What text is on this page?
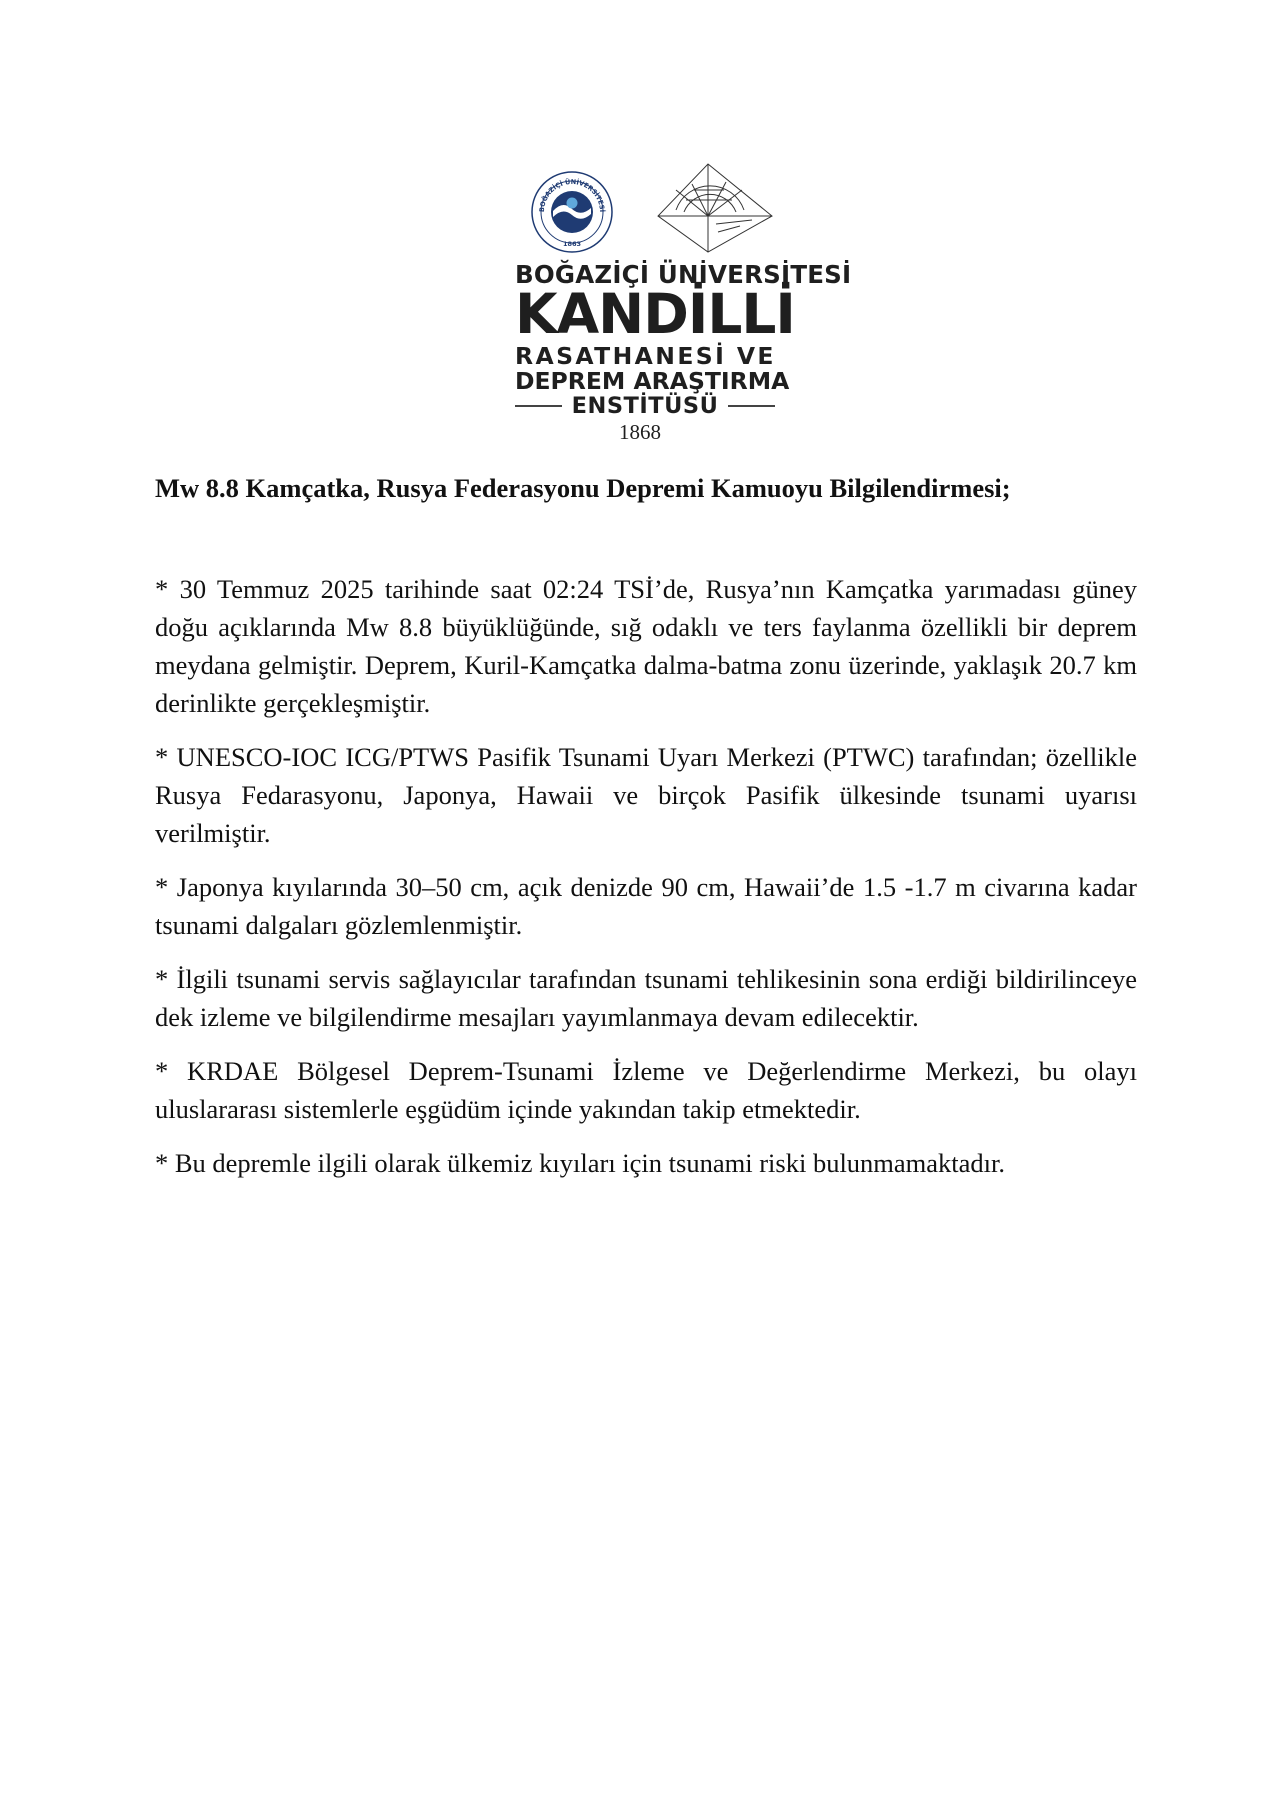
BOĞAZİÇİ ÜNİVERSİTESİ
1863
BOĞAZİÇİ ÜNİVERSİTESİ
KANDİLLİ
RASATHANESİ VE
DEPREM ARAŞTIRMA
ENSTİTÜSÜ
1868
Mw 8.8 Kamçatka, Rusya Federasyonu Depremi Kamuoyu Bilgilendirmesi;

* 30 Temmuz 2025 tarihinde saat 02:24 TSİ’de, Rusya’nın Kamçatka yarımadası güney doğu açıklarında Mw 8.8 büyüklüğünde, sığ odaklı ve ters faylanma özellikli bir deprem meydana gelmiştir. Deprem, Kuril-Kamçatka dalma-batma zonu üzerinde, yaklaşık 20.7 km derinlikte gerçekleşmiştir.

* UNESCO-IOC ICG/PTWS Pasifik Tsunami Uyarı Merkezi (PTWC) tarafından; özellikle Rusya Fedarasyonu, Japonya, Hawaii ve birçok Pasifik ülkesinde tsunami uyarısı verilmiştir.

* Japonya kıyılarında 30–50 cm, açık denizde 90 cm, Hawaii’de 1.5 -1.7 m civarına kadar tsunami dalgaları gözlemlenmiştir.

* İlgili tsunami servis sağlayıcılar tarafından tsunami tehlikesinin sona erdiği bildirilinceye dek izleme ve bilgilendirme mesajları yayımlanmaya devam edilecektir.

* KRDAE Bölgesel Deprem-Tsunami İzleme ve Değerlendirme Merkezi, bu olayı uluslararası sistemlerle eşgüdüm içinde yakından takip etmektedir.

* Bu depremle ilgili olarak ülkemiz kıyıları için tsunami riski bulunmamaktadır.
